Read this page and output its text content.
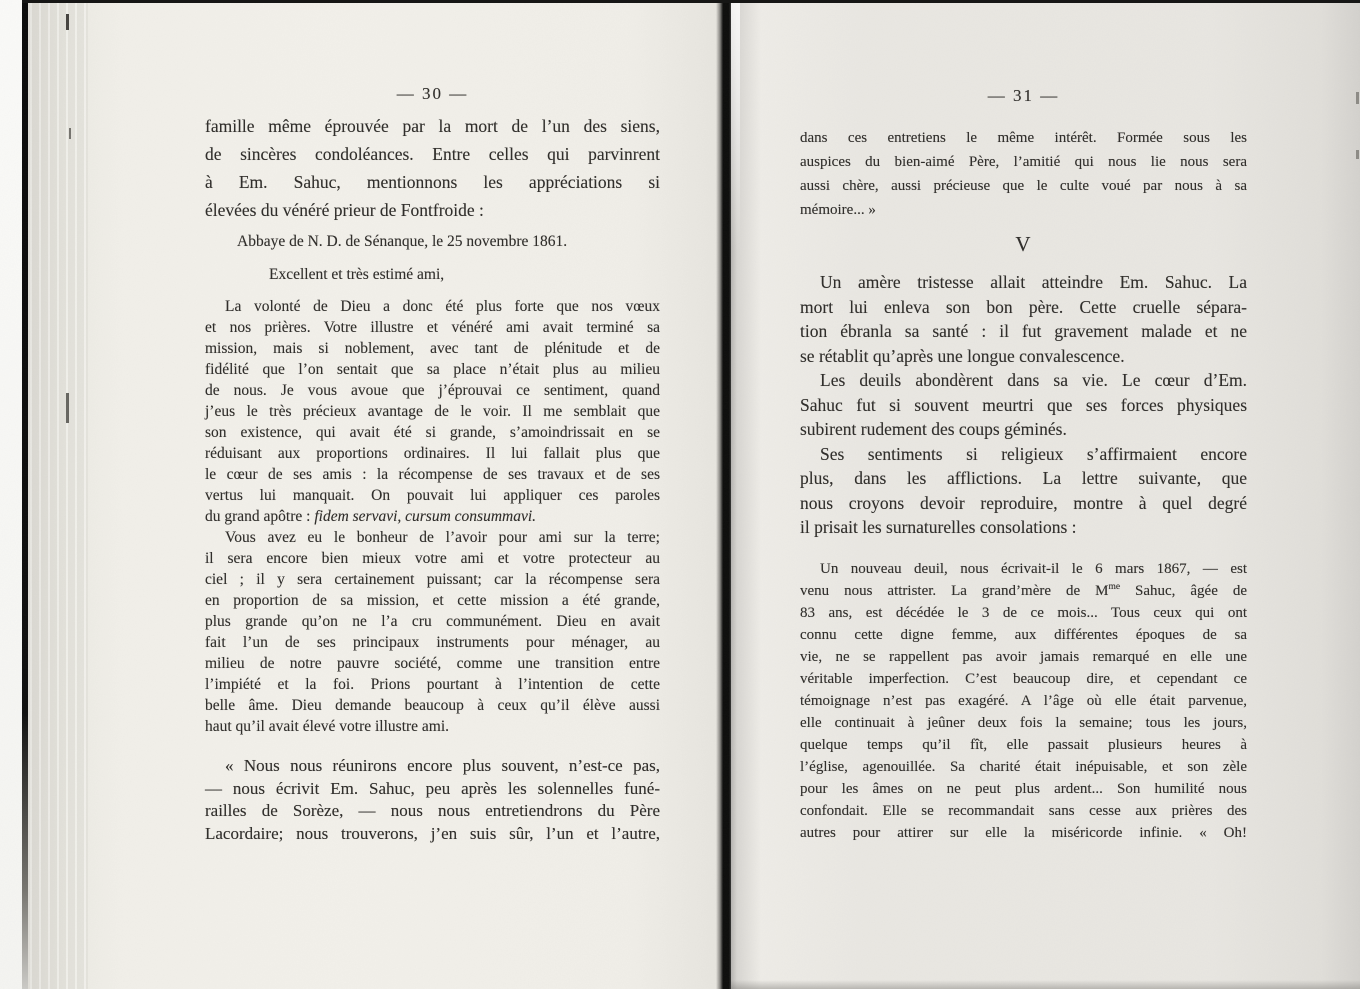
— 30 —
famille même éprouvée par la mort de l’un des siens,
de sincères condoléances. Entre celles qui parvinrent
à Em. Sahuc, mentionnons les appréciations si
élevées du vénéré prieur de Fontfroide :
Abbaye de N. D. de Sénanque, le 25 novembre 1861.
Excellent et très estimé ami,
La volonté de Dieu a donc été plus forte que nos vœux
et nos prières. Votre illustre et vénéré ami avait terminé sa
mission, mais si noblement, avec tant de plénitude et de
fidélité que l’on sentait que sa place n’était plus au milieu
de nous. Je vous avoue que j’éprouvai ce sentiment, quand
j’eus le très précieux avantage de le voir. Il me semblait que
son existence, qui avait été si grande, s’amoindrissait en se
réduisant aux proportions ordinaires. Il lui fallait plus que
le cœur de ses amis : la récompense de ses travaux et de ses
vertus lui manquait. On pouvait lui appliquer ces paroles
du grand apôtre : fidem servavi, cursum consummavi.
Vous avez eu le bonheur de l’avoir pour ami sur la terre;
il sera encore bien mieux votre ami et votre protecteur au
ciel ; il y sera certainement puissant; car la récompense sera
en proportion de sa mission, et cette mission a été grande,
plus grande qu’on ne l’a cru communément. Dieu en avait
fait l’un de ses principaux instruments pour ménager, au
milieu de notre pauvre société, comme une transition entre
l’impiété et la foi. Prions pourtant à l’intention de cette
belle âme. Dieu demande beaucoup à ceux qu’il élève aussi
haut qu’il avait élevé votre illustre ami.
« Nous nous réunirons encore plus souvent, n’est-ce pas,
— nous écrivit Em. Sahuc, peu après les solennelles funé-
railles de Sorèze, — nous nous entretiendrons du Père
Lacordaire; nous trouverons, j’en suis sûr, l’un et l’autre,
— 31 —
dans ces entretiens le même intérêt. Formée sous les
auspices du bien-aimé Père, l’amitié qui nous lie nous sera
aussi chère, aussi précieuse que le culte voué par nous à sa
mémoire... »
V
Un amère tristesse allait atteindre Em. Sahuc. La
mort lui enleva son bon père. Cette cruelle sépara-
tion ébranla sa santé : il fut gravement malade et ne
se rétablit qu’après une longue convalescence.
Les deuils abondèrent dans sa vie. Le cœur d’Em.
Sahuc fut si souvent meurtri que ses forces physiques
subirent rudement des coups géminés.
Ses sentiments si religieux s’affirmaient encore
plus, dans les afflictions. La lettre suivante, que
nous croyons devoir reproduire, montre à quel degré
il prisait les surnaturelles consolations :
Un nouveau deuil, nous écrivait-il le 6 mars 1867, — est
venu nous attrister. La grand’mère de $M^{me}$ Sahuc, âgée de
83 ans, est décédée le 3 de ce mois... Tous ceux qui ont
connu cette digne femme, aux différentes époques de sa
vie, ne se rappellent pas avoir jamais remarqué en elle une
véritable imperfection. C’est beaucoup dire, et cependant ce
témoignage n’est pas exagéré. A l’âge où elle était parvenue,
elle continuait à jeûner deux fois la semaine; tous les jours,
quelque temps qu’il fît, elle passait plusieurs heures à
l’église, agenouillée. Sa charité était inépuisable, et son zèle
pour les âmes on ne peut plus ardent... Son humilité nous
confondait. Elle se recommandait sans cesse aux prières des
autres pour attirer sur elle la miséricorde infinie. « Oh!
